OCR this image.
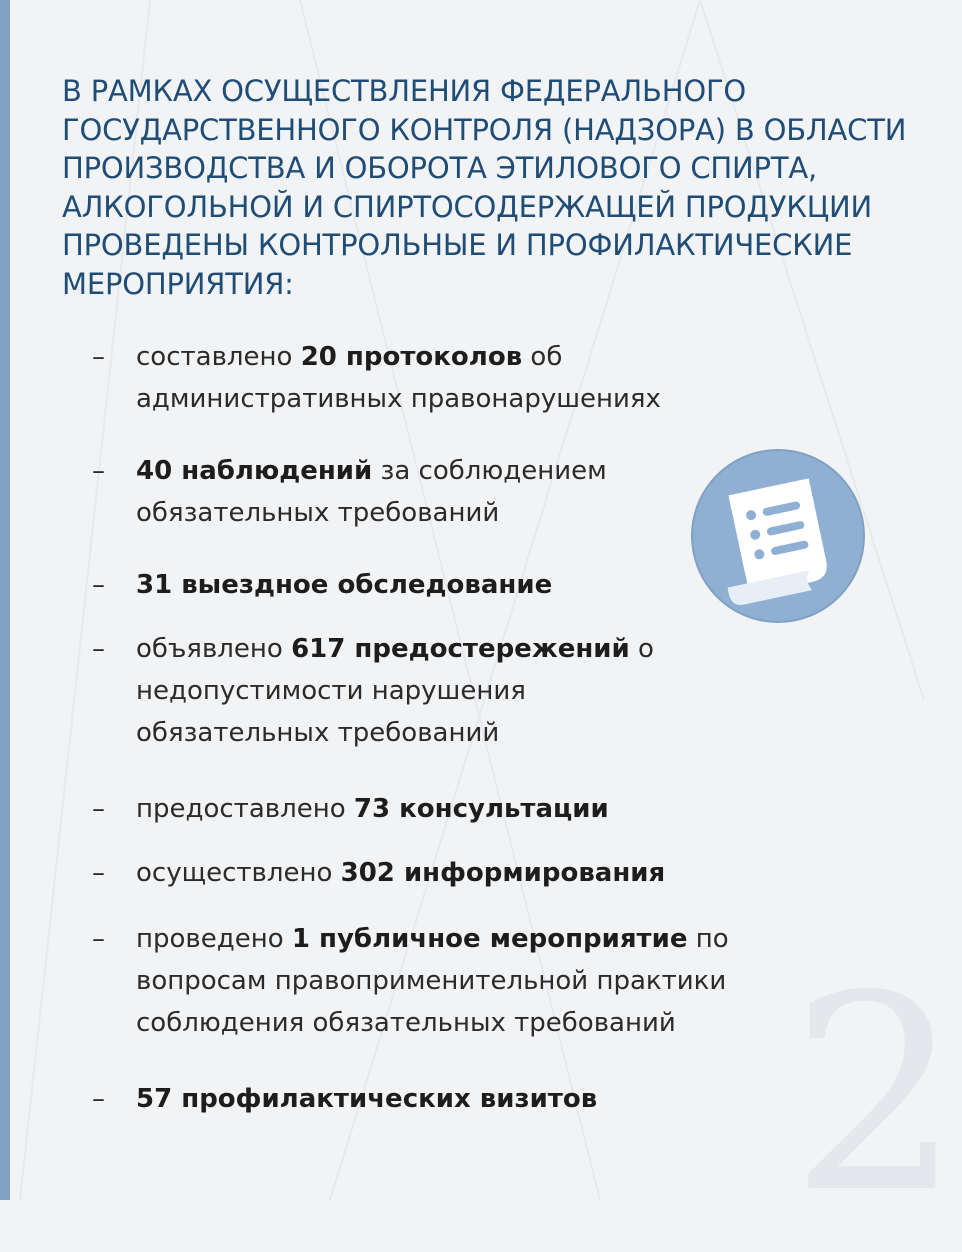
2
В РАМКАХ ОСУЩЕСТВЛЕНИЯ ФЕДЕРАЛЬНОГО ГОСУДАРСТВЕННОГО КОНТРОЛЯ (НАДЗОРА) В ОБЛАСТИ ПРОИЗВОДСТВА И ОБОРОТА ЭТИЛОВОГО СПИРТА, АЛКОГОЛЬНОЙ И СПИРТОСОДЕРЖАЩЕЙ ПРОДУКЦИИ ПРОВЕДЕНЫ КОНТРОЛЬНЫЕ И ПРОФИЛАКТИЧЕСКИЕ МЕРОПРИЯТИЯ:
–	составлено 20 протоколов об административных правонарушениях
–	40 наблюдений за соблюдением обязательных требований
–	31 выездное обследование
–	объявлено 617 предостережений о недопустимости нарушения обязательных требований
–	предоставлено 73 консультации
–	осуществлено 302 информирования
–	проведено 1 публичное мероприятие по вопросам правоприменительной практики соблюдения обязательных требований
–	57 профилактических визитов
